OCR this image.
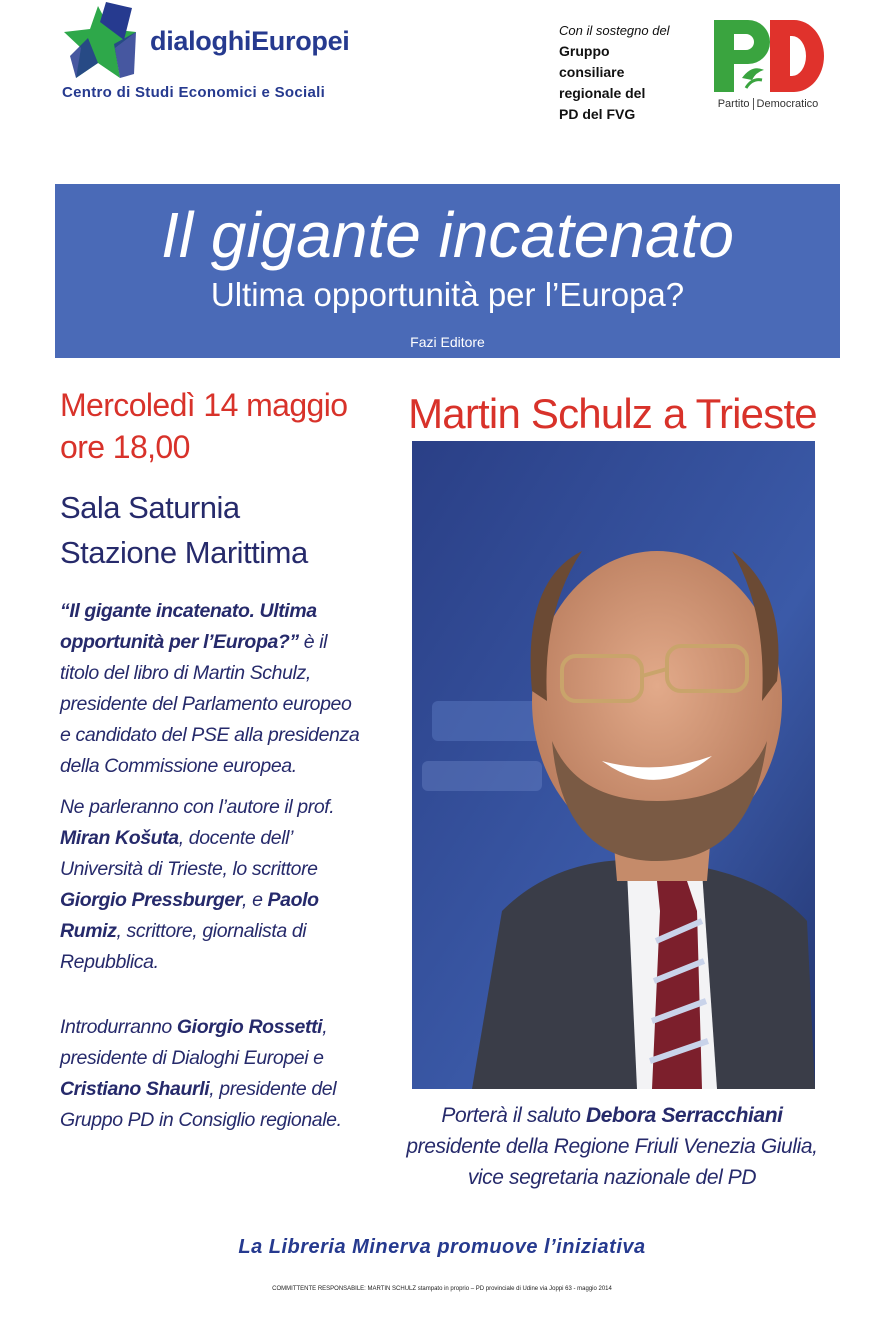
dialoghiEuropei
Centro di Studi Economici e Sociali
Con il sostegno del
Gruppo
consiliare
regionale del
PD del FVG
Partito Democratico
Il gigante incatenato
Ultima opportunità per l’Europa?
Fazi Editore
Mercoledì 14 maggio
ore 18,00
Sala Saturnia
Stazione Marittima
“Il gigante incatenato. Ultima opportunità per l’Europa?” è il titolo del libro di Martin Schulz, presidente del Parlamento europeo e candidato del PSE alla presidenza della Commissione europea.
Ne parleranno con l’autore il prof. Miran Košuta, docente dell’ Università di Trieste, lo scrittore Giorgio Pressburger, e Paolo Rumiz, scrittore, giornalista di Repubblica.
Introdurranno Giorgio Rossetti, presidente di Dialoghi Europei e Cristiano Shaurli, presidente del Gruppo PD in Consiglio regionale.
Martin Schulz a Trieste
Porterà il saluto Debora Serracchiani
presidente della Regione Friuli Venezia Giulia,
vice segretaria nazionale del PD
La Libreria Minerva promuove l’iniziativa
COMMITTENTE RESPONSABILE: MARTIN SCHULZ stampato in proprio – PD provinciale di Udine via Joppi 63 - maggio 2014
